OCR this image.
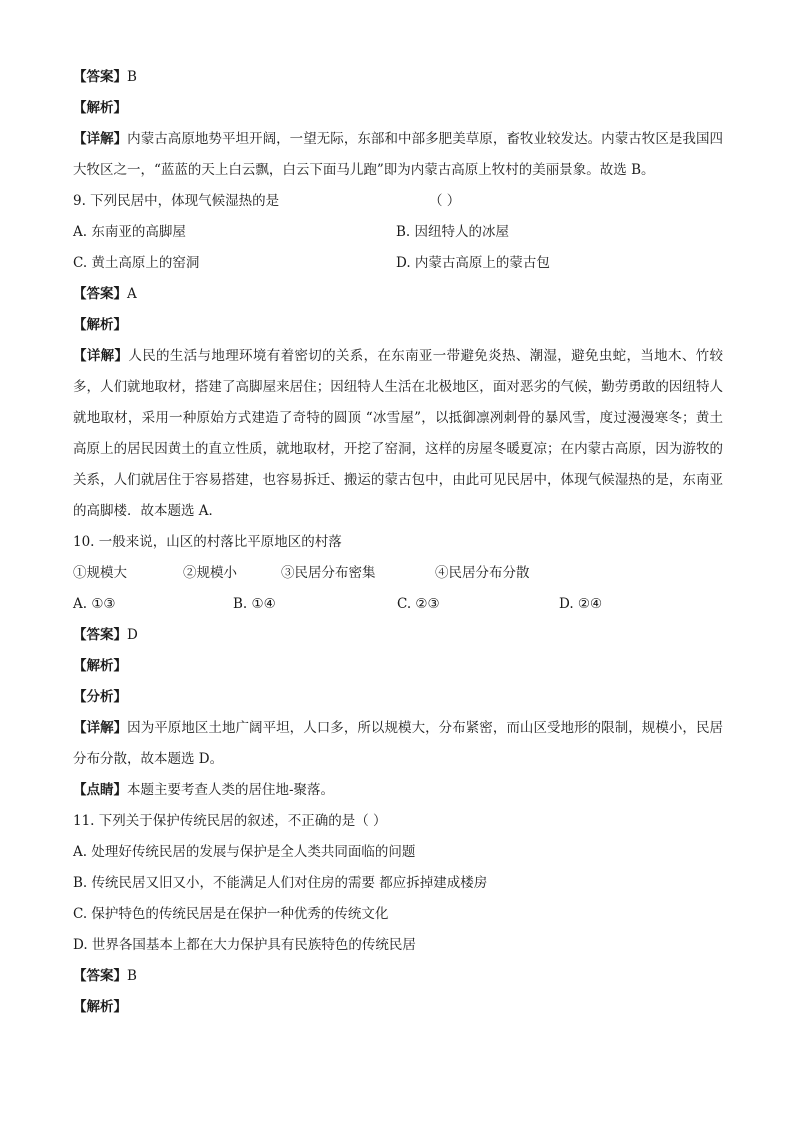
【答案】B
【解析】
【详解】内蒙古高原地势平坦开阔，一望无际，东部和中部多肥美草原，畜牧业较发达。内蒙古牧区是我国四大牧区之一，“蓝蓝的天上白云飘，白云下面马儿跑”即为内蒙古高原上牧村的美丽景象。故选 B。
9. 下列民居中，体现气候湿热的是	（ ）
A. 东南亚的高脚屋	B. 因纽特人的冰屋
C. 黄土高原上的窑洞	D. 内蒙古高原上的蒙古包
【答案】A
【解析】
【详解】人民的生活与地理环境有着密切的关系，在东南亚一带避免炎热、潮湿，避免虫蛇，当地木、竹较多，人们就地取材，搭建了高脚屋来居住；因纽特人生活在北极地区，面对恶劣的气候，勤劳勇敢的因纽特人就地取材，采用一种原始方式建造了奇特的圆顶 “冰雪屋”，以抵御凛冽刺骨的暴风雪，度过漫漫寒冬；黄土高原上的居民因黄土的直立性质，就地取材，开挖了窑洞，这样的房屋冬暖夏凉；在内蒙古高原，因为游牧的关系，人们就居住于容易搭建，也容易拆迁、搬运的蒙古包中，由此可见民居中，体现气候湿热的是，东南亚的高脚楼．故本题选 A．
10. 一般来说，山区的村落比平原地区的村落
①规模大	②规模小	③民居分布密集	④民居分布分散
A. ①③	B. ①④	C. ②③	D. ②④
【答案】D
【解析】
【分析】
【详解】因为平原地区土地广阔平坦，人口多，所以规模大，分布紧密，而山区受地形的限制，规模小，民居分布分散，故本题选 D。
【点睛】本题主要考查人类的居住地-聚落。
11. 下列关于保护传统民居的叙述，不正确的是（ ）
A. 处理好传统民居的发展与保护是全人类共同面临的问题
B. 传统民居又旧又小，不能满足人们对住房的需要 都应拆掉建成楼房
C. 保护特色的传统民居是在保护一种优秀的传统文化
D. 世界各国基本上都在大力保护具有民族特色的传统民居
【答案】B
【解析】
